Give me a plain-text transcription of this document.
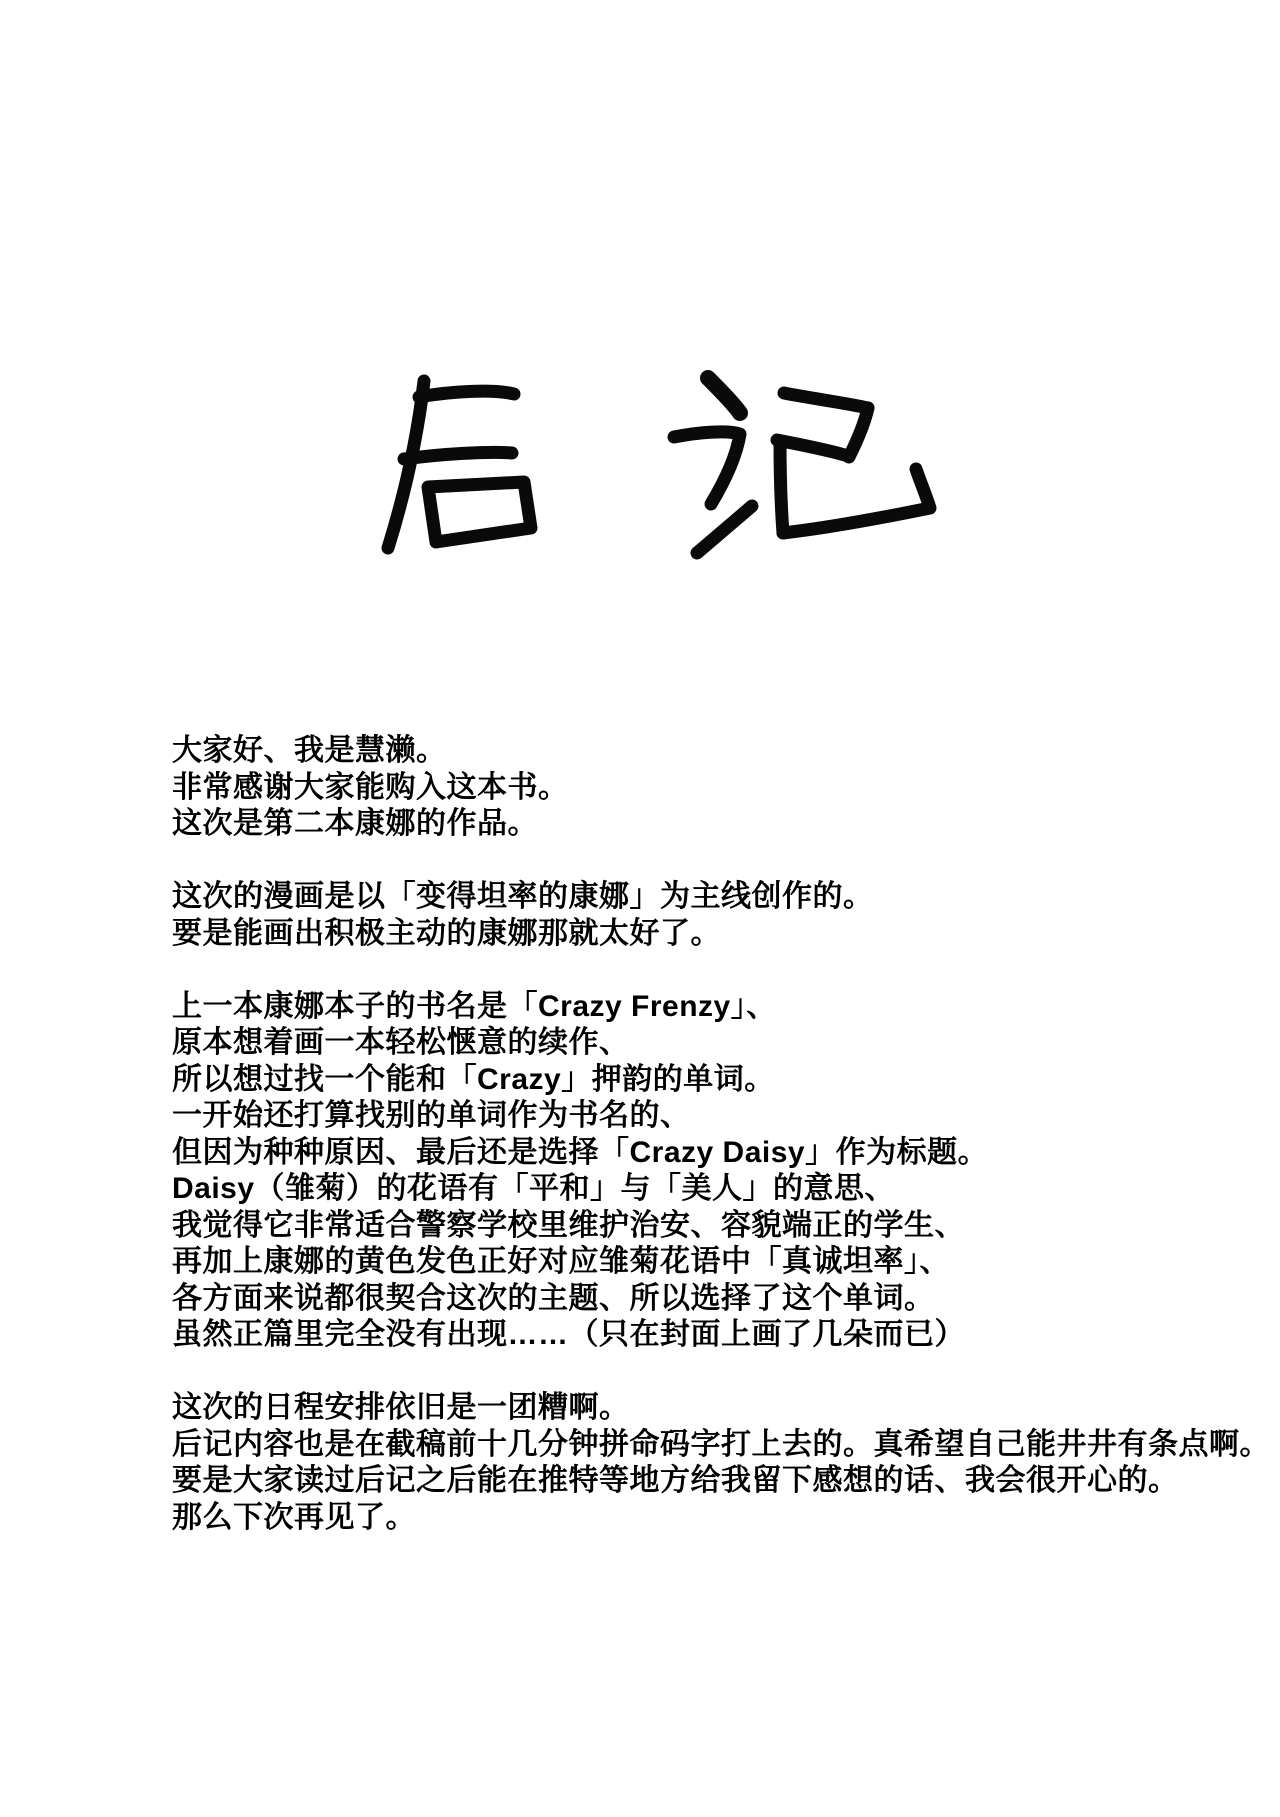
大家好、我是慧濑。
非常感谢大家能购入这本书。
这次是第二本康娜的作品。
这次的漫画是以「变得坦率的康娜」为主线创作的。
要是能画出积极主动的康娜那就太好了。
上一本康娜本子的书名是「Crazy Frenzy」、
原本想着画一本轻松惬意的续作、
所以想过找一个能和「Crazy」押韵的单词。
一开始还打算找别的单词作为书名的、
但因为种种原因、最后还是选择「Crazy Daisy」作为标题。
Daisy（雏菊）的花语有「平和」与「美人」的意思、
我觉得它非常适合警察学校里维护治安、容貌端正的学生、
再加上康娜的黄色发色正好对应雏菊花语中「真诚坦率」、
各方面来说都很契合这次的主题、所以选择了这个单词。
虽然正篇里完全没有出现……（只在封面上画了几朵而已）
这次的日程安排依旧是一团糟啊。
后记内容也是在截稿前十几分钟拼命码字打上去的。真希望自己能井井有条点啊。
要是大家读过后记之后能在推特等地方给我留下感想的话、我会很开心的。
那么下次再见了。
